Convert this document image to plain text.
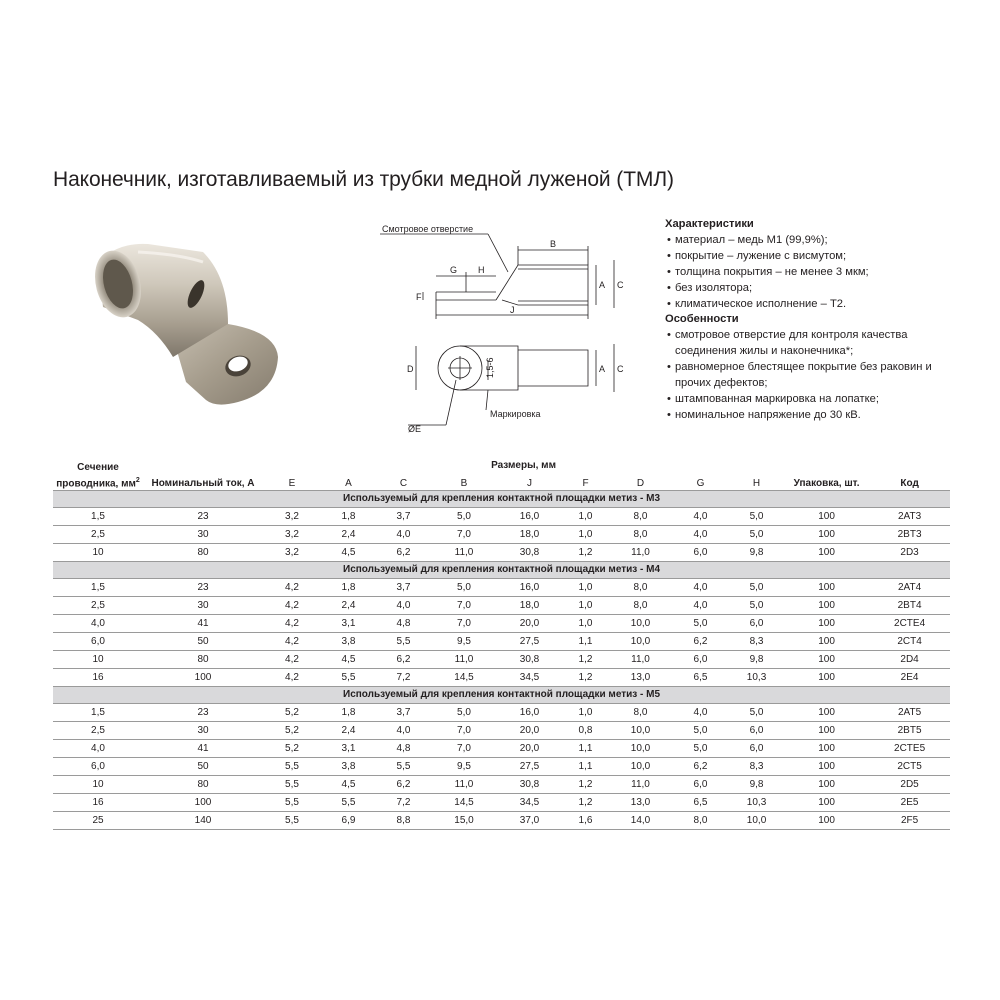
Наконечник, изготавливаемый из трубки медной луженой (ТМЛ)
Смотровое отверстие
B
G H
C
A
F
J
D	1,5-6	C
A
ØE
Маркировка
Характеристики
• материал – медь М1 (99,9%);
• покрытие – лужение с висмутом;
• толщина покрытия – не менее 3 мкм;
• без изолятора;
• климатическое исполнение – Т2.
Особенности
• смотровое отверстие для контроля качества соединения жилы и наконечника*;
• равномерное блестящее покрытие без раковин и прочих дефектов;
• штампованная маркировка на лопатке;
• номинальное напряжение до 30 кВ.
Сечение проводника, $мм^2$	Номинальный ток, А	Размеры, мм									Упаковка, шт.	Код
		E	A	C	B	J	F	D	G	H		
Используемый для крепления контактной площадки метиз - М3												
1,5	23	3,2	1,8	3,7	5,0	16,0	1,0	8,0	4,0	5,0	100	2AT3
2,5	30	3,2	2,4	4,0	7,0	18,0	1,0	8,0	4,0	5,0	100	2BT3
10	80	3,2	4,5	6,2	11,0	30,8	1,2	11,0	6,0	9,8	100	2D3
Используемый для крепления контактной площадки метиз - М4												
1,5	23	4,2	1,8	3,7	5,0	16,0	1,0	8,0	4,0	5,0	100	2AT4
2,5	30	4,2	2,4	4,0	7,0	18,0	1,0	8,0	4,0	5,0	100	2BT4
4,0	41	4,2	3,1	4,8	7,0	20,0	1,0	10,0	5,0	6,0	100	2CTE4
6,0	50	4,2	3,8	5,5	9,5	27,5	1,1	10,0	6,2	8,3	100	2CT4
10	80	4,2	4,5	6,2	11,0	30,8	1,2	11,0	6,0	9,8	100	2D4
16	100	4,2	5,5	7,2	14,5	34,5	1,2	13,0	6,5	10,3	100	2E4
Используемый для крепления контактной площадки метиз - М5												
1,5	23	5,2	1,8	3,7	5,0	16,0	1,0	8,0	4,0	5,0	100	2AT5
2,5	30	5,2	2,4	4,0	7,0	20,0	0,8	10,0	5,0	6,0	100	2BT5
4,0	41	5,2	3,1	4,8	7,0	20,0	1,1	10,0	5,0	6,0	100	2CTE5
6,0	50	5,5	3,8	5,5	9,5	27,5	1,1	10,0	6,2	8,3	100	2CT5
10	80	5,5	4,5	6,2	11,0	30,8	1,2	11,0	6,0	9,8	100	2D5
16	100	5,5	5,5	7,2	14,5	34,5	1,2	13,0	6,5	10,3	100	2E5
25	140	5,5	6,9	8,8	15,0	37,0	1,6	14,0	8,0	10,0	100	2F5
